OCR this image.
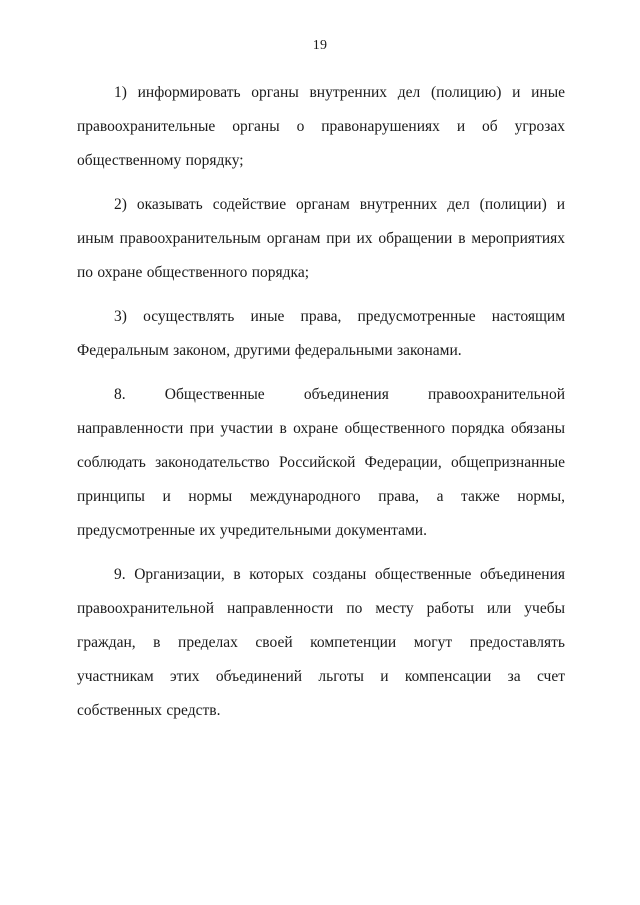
19

1) информировать органы внутренних дел (полицию) и иные правоохранительные органы о правонарушениях и об угрозах общественному порядку;

2) оказывать содействие органам внутренних дел (полиции) и иным правоохранительным органам при их обращении в мероприятиях по охране общественного порядка;

3) осуществлять иные права, предусмотренные настоящим Федеральным законом, другими федеральными законами.

8. Общественные объединения правоохранительной направленности при участии в охране общественного порядка обязаны соблюдать законодательство Российской Федерации, общепризнанные принципы и нормы международного права, а также нормы, предусмотренные их учредительными документами.

9. Организации, в которых созданы общественные объединения правоохранительной направленности по месту работы или учебы граждан, в пределах своей компетенции могут предоставлять участникам этих объединений льготы и компенсации за счет собственных средств.
